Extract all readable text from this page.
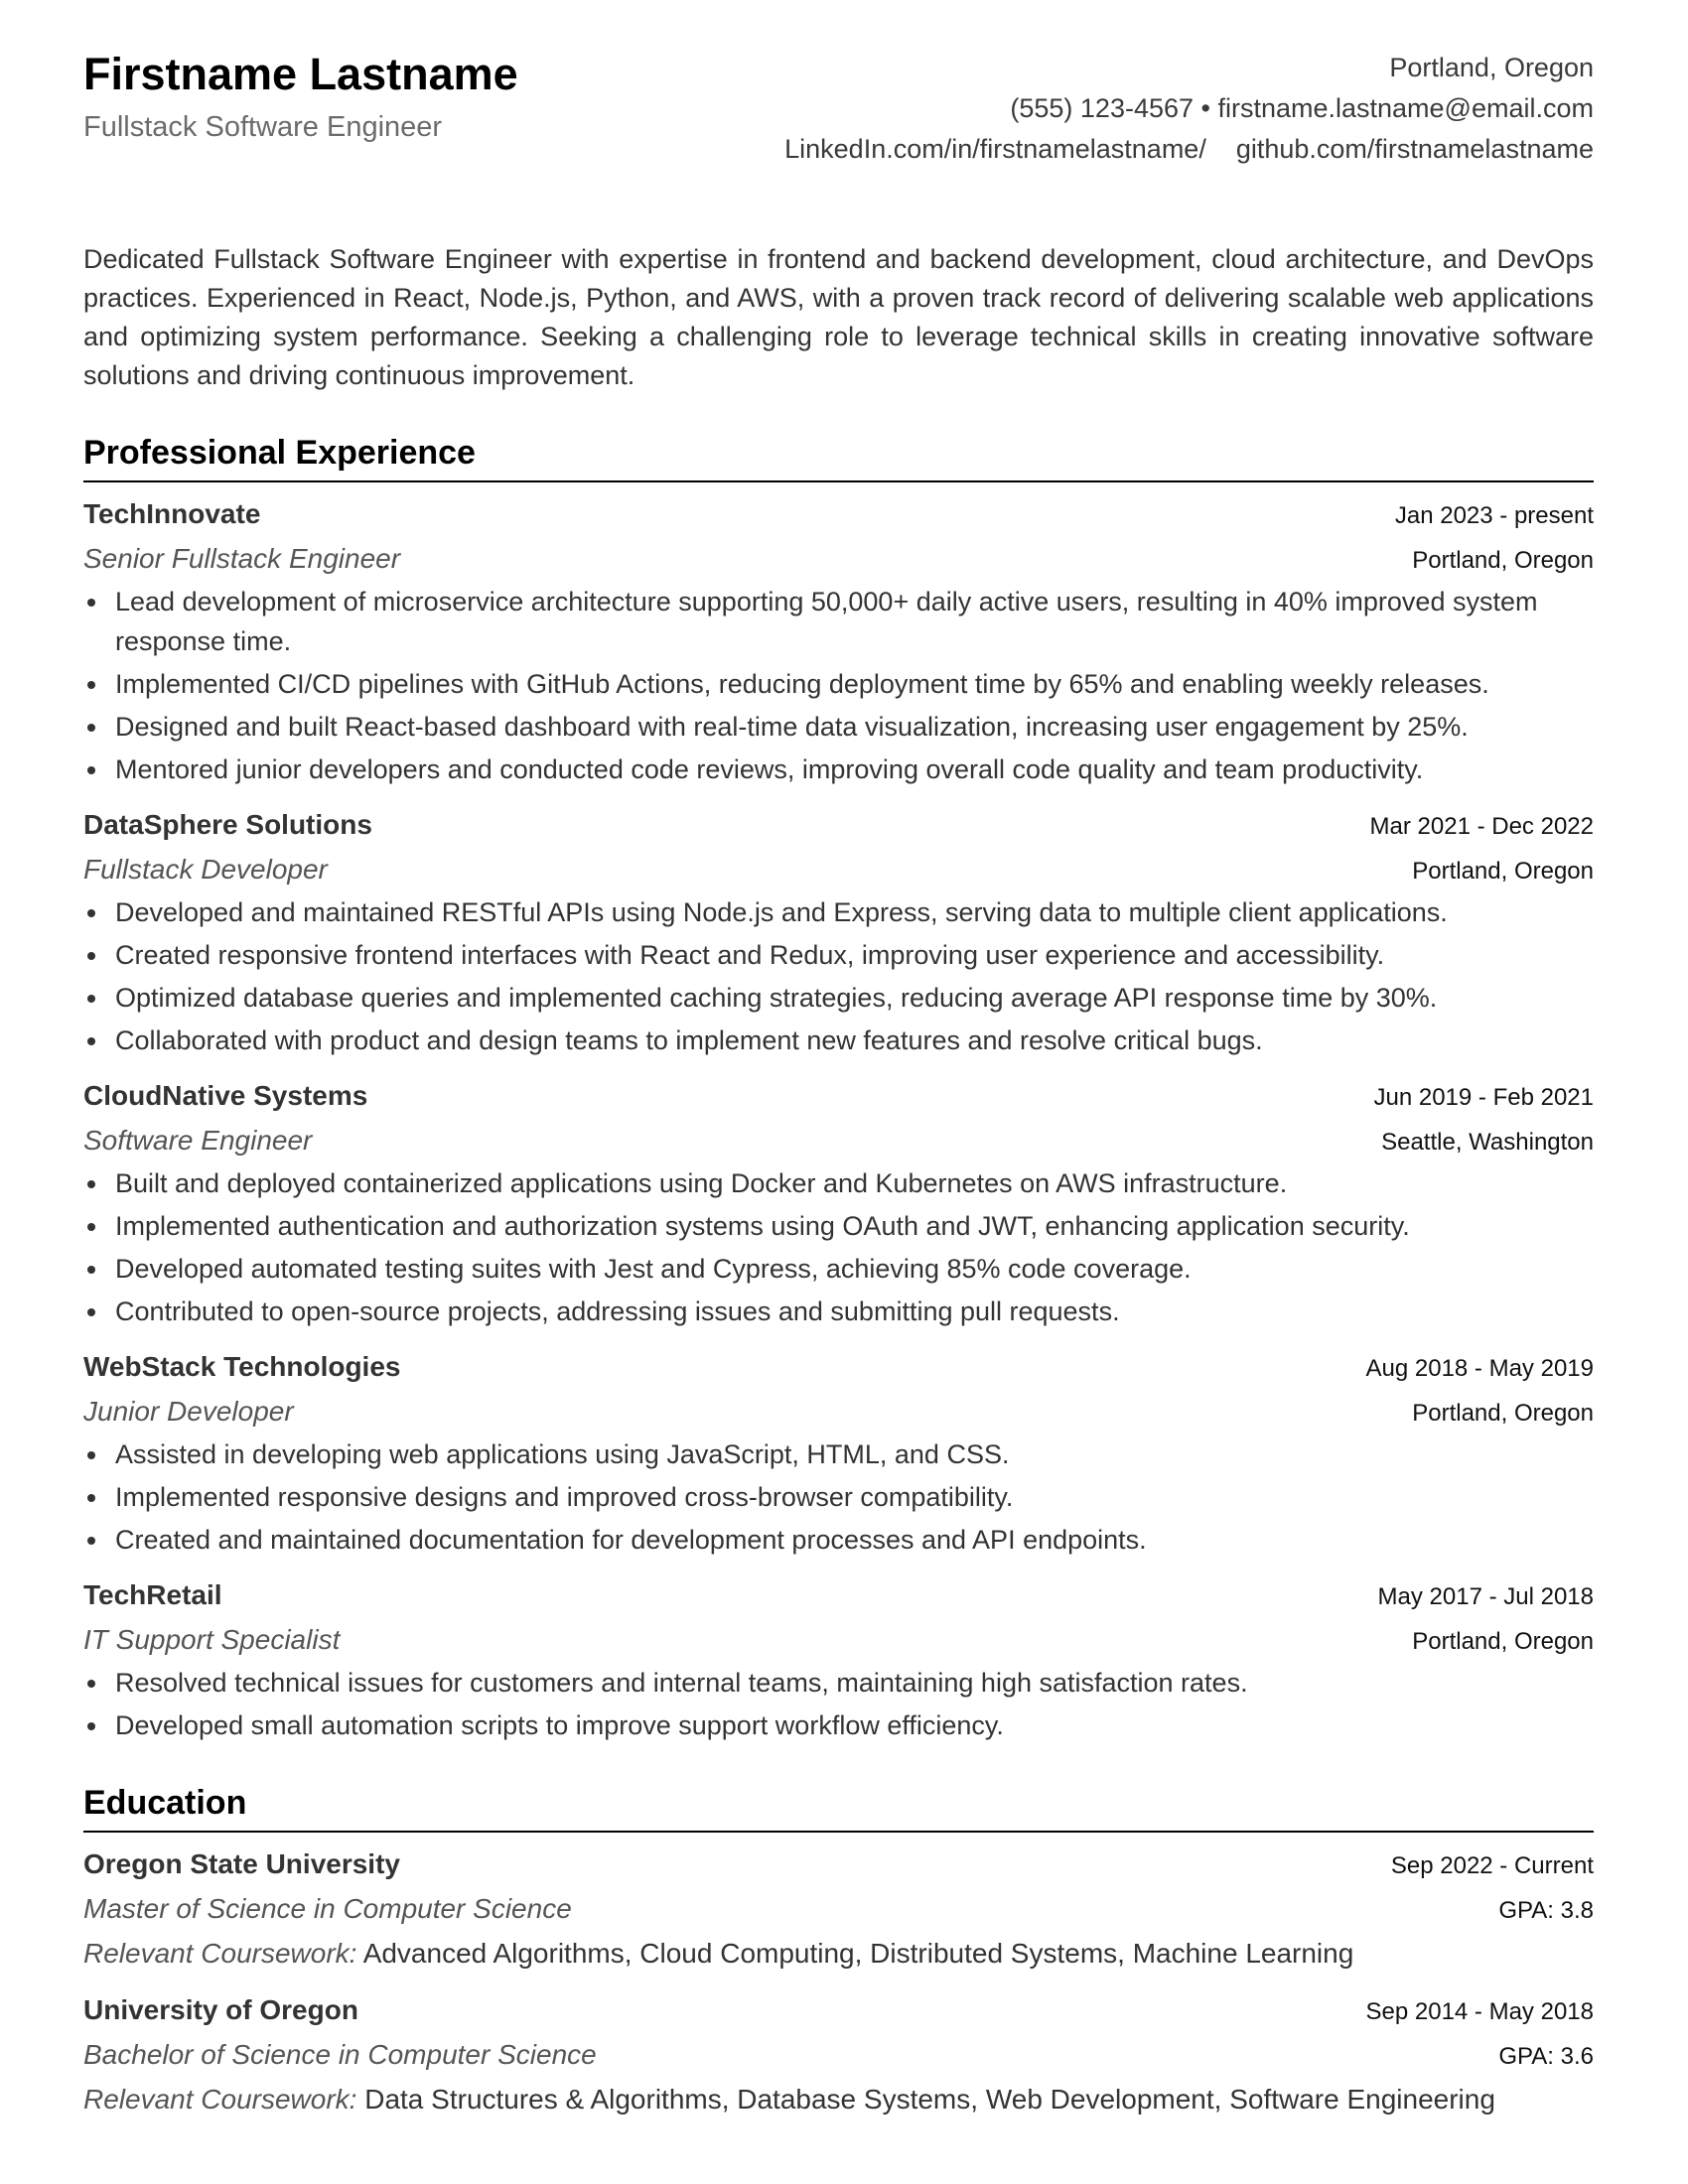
Firstname Lastname
Fullstack Software Engineer
Portland, Oregon
(555) 123-4567 • firstname.lastname@email.com
LinkedIn.com/in/firstnamelastname/ github.com/firstnamelastname
Dedicated Fullstack Software Engineer with expertise in frontend and backend development, cloud architecture, and DevOps practices. Experienced in React, Node.js, Python, and AWS, with a proven track record of delivering scalable web applications and optimizing system performance. Seeking a challenging role to leverage technical skills in creating innovative software solutions and driving continuous improvement.
Professional Experience
TechInnovate	Jan 2023 - present
Senior Fullstack Engineer	Portland, Oregon
Lead development of microservice architecture supporting 50,000+ daily active users, resulting in 40% improved system response time.
Implemented CI/CD pipelines with GitHub Actions, reducing deployment time by 65% and enabling weekly releases.
Designed and built React-based dashboard with real-time data visualization, increasing user engagement by 25%.
Mentored junior developers and conducted code reviews, improving overall code quality and team productivity.
DataSphere Solutions	Mar 2021 - Dec 2022
Fullstack Developer	Portland, Oregon
Developed and maintained RESTful APIs using Node.js and Express, serving data to multiple client applications.
Created responsive frontend interfaces with React and Redux, improving user experience and accessibility.
Optimized database queries and implemented caching strategies, reducing average API response time by 30%.
Collaborated with product and design teams to implement new features and resolve critical bugs.
CloudNative Systems	Jun 2019 - Feb 2021
Software Engineer	Seattle, Washington
Built and deployed containerized applications using Docker and Kubernetes on AWS infrastructure.
Implemented authentication and authorization systems using OAuth and JWT, enhancing application security.
Developed automated testing suites with Jest and Cypress, achieving 85% code coverage.
Contributed to open-source projects, addressing issues and submitting pull requests.
WebStack Technologies	Aug 2018 - May 2019
Junior Developer	Portland, Oregon
Assisted in developing web applications using JavaScript, HTML, and CSS.
Implemented responsive designs and improved cross-browser compatibility.
Created and maintained documentation for development processes and API endpoints.
TechRetail	May 2017 - Jul 2018
IT Support Specialist	Portland, Oregon
Resolved technical issues for customers and internal teams, maintaining high satisfaction rates.
Developed small automation scripts to improve support workflow efficiency.
Education
Oregon State University	Sep 2022 - Current
Master of Science in Computer Science	GPA: 3.8
Relevant Coursework: Advanced Algorithms, Cloud Computing, Distributed Systems, Machine Learning
University of Oregon	Sep 2014 - May 2018
Bachelor of Science in Computer Science	GPA: 3.6
Relevant Coursework: Data Structures & Algorithms, Database Systems, Web Development, Software Engineering
